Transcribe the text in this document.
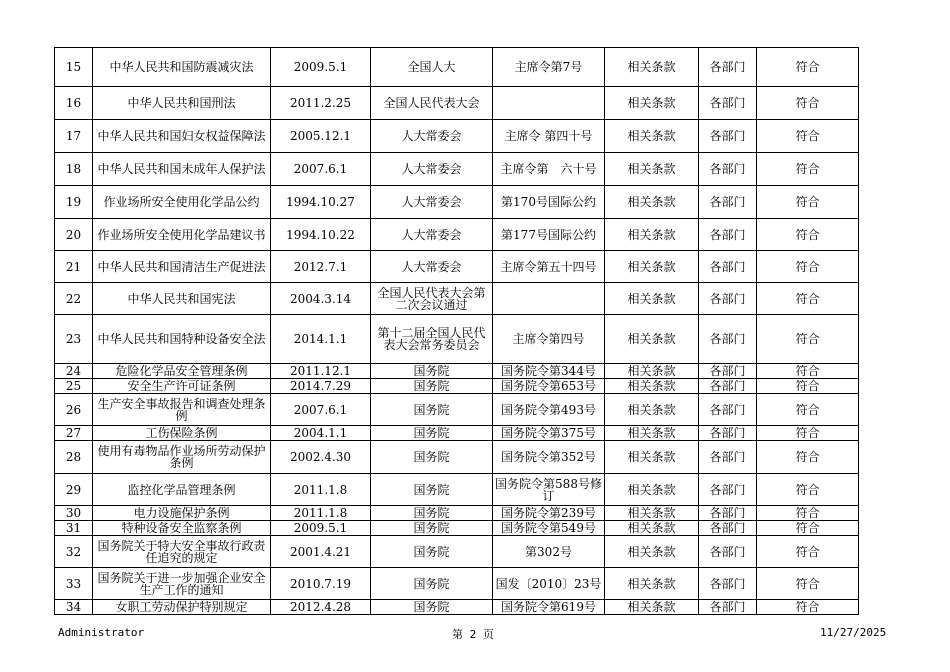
15	中华人民共和国防震减灾法	2009.5.1	全国人大	主席令第7号	相关条款	各部门	符合
16	中华人民共和国刑法	2011.2.25	全国人民代表大会		相关条款	各部门	符合
17	中华人民共和国妇女权益保障法	2005.12.1	人大常委会	主席令 第四十号	相关条款	各部门	符合
18	中华人民共和国未成年人保护法	2007.6.1	人大常委会	主席令第　六十号	相关条款	各部门	符合
19	作业场所安全使用化学品公约	1994.10.27	人大常委会	第170号国际公约	相关条款	各部门	符合
20	作业场所安全使用化学品建议书	1994.10.22	人大常委会	第177号国际公约	相关条款	各部门	符合
21	中华人民共和国清洁生产促进法	2012.7.1	人大常委会	主席令第五十四号	相关条款	各部门	符合
22	中华人民共和国宪法	2004.3.14	全国人民代表大会第二次会议通过		相关条款	各部门	符合
23	中华人民共和国特种设备安全法	2014.1.1	第十二届全国人民代表大会常务委员会	主席令第四号	相关条款	各部门	符合
24	危险化学品安全管理条例	2011.12.1	国务院	国务院令第344号	相关条款	各部门	符合
25	安全生产许可证条例	2014.7.29	国务院	国务院令第653号	相关条款	各部门	符合
26	生产安全事故报告和调查处理条例	2007.6.1	国务院	国务院令第493号	相关条款	各部门	符合
27	工伤保险条例	2004.1.1	国务院	国务院令第375号	相关条款	各部门	符合
28	使用有毒物品作业场所劳动保护条例	2002.4.30	国务院	国务院令第352号	相关条款	各部门	符合
29	监控化学品管理条例	2011.1.8	国务院	国务院令第588号修订	相关条款	各部门	符合
30	电力设施保护条例	2011.1.8	国务院	国务院令第239号	相关条款	各部门	符合
31	特种设备安全监察条例	2009.5.1	国务院	国务院令第549号	相关条款	各部门	符合
32	国务院关于特大安全事故行政责任追究的规定	2001.4.21	国务院	第302号	相关条款	各部门	符合
33	国务院关于进一步加强企业安全生产工作的通知	2010.7.19	国务院	国发〔2010〕23号	相关条款	各部门	符合
34	女职工劳动保护特别规定	2012.4.28	国务院	国务院令第619号	相关条款	各部门	符合
Administrator	第 2 页	11/27/2025
